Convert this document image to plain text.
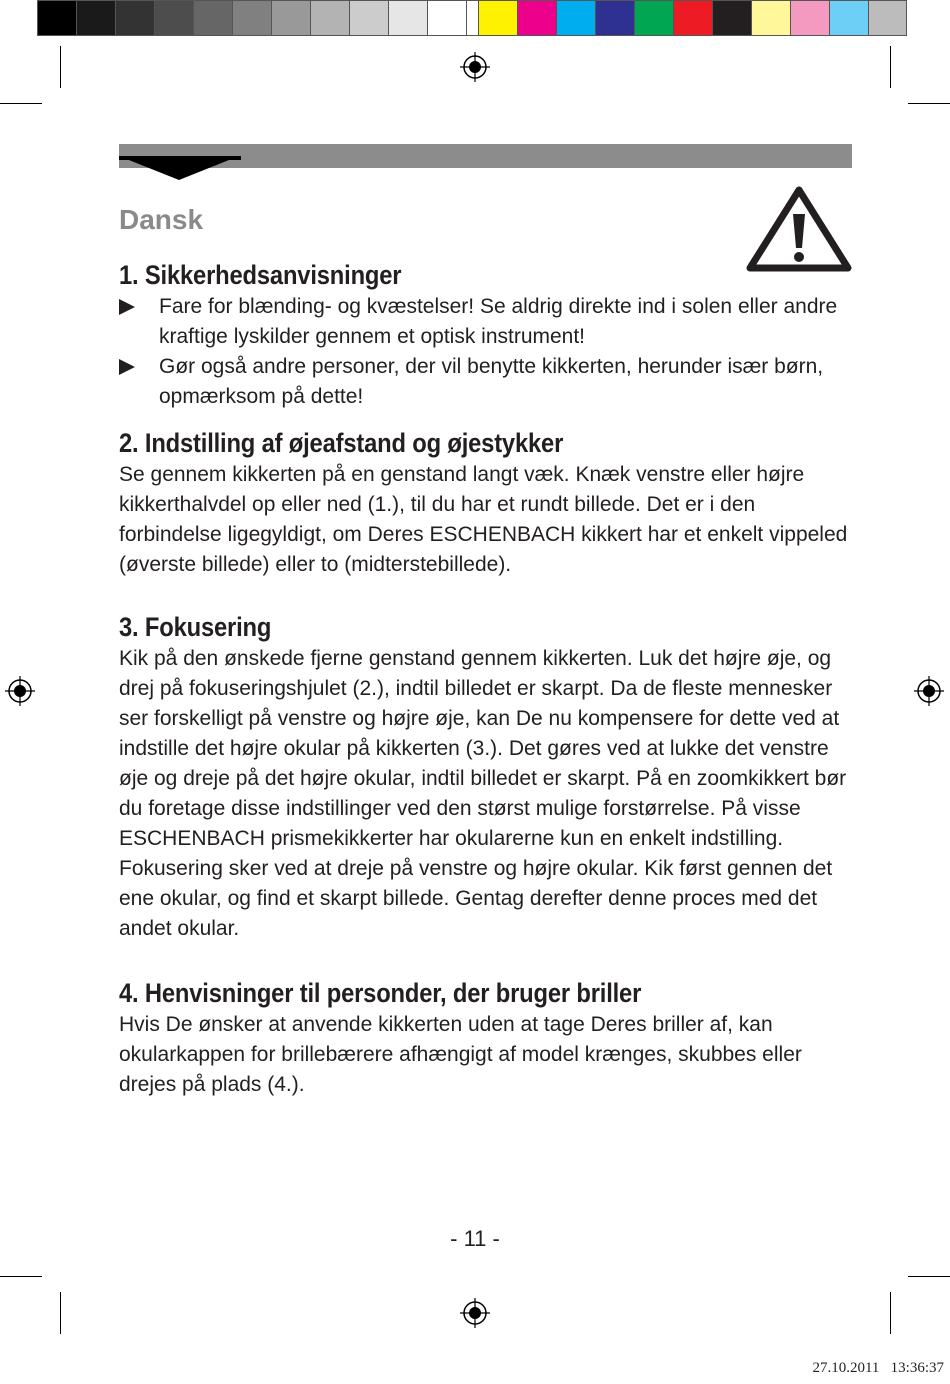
Dansk
1. Sikkerhedsanvisninger
Fare for blænding- og kvæstelser! Se aldrig direkte ind i solen eller andre kraftige lyskilder gennem et optisk instrument!
Gør også andre personer, der vil benytte kikkerten, herunder især børn, opmærksom på dette!
2. Indstilling af øjeafstand og øjestykker

Se gennem kikkerten på en genstand langt væk. Knæk venstre eller højre kikkerthalvdel op eller ned (1.), til du har et rundt billede. Det er i den forbindelse ligegyldigt, om Deres ESCHENBACH kikkert har et enkelt vippeled (øverste billede) eller to (midterstebillede).

3. Fokusering

Kik på den ønskede fjerne genstand gennem kikkerten. Luk det højre øje, og drej på fokuseringshjulet (2.), indtil billedet er skarpt. Da de fleste mennesker ser forskelligt på venstre og højre øje, kan De nu kompensere for dette ved at indstille det højre okular på kikkerten (3.). Det gøres ved at lukke det venstre øje og dreje på det højre okular, indtil billedet er skarpt. På en zoomkikkert bør du foretage disse indstillinger ved den størst mulige forstørrelse. På visse ESCHENBACH prismekikkerter har okularerne kun en enkelt indstilling. Fokusering sker ved at dreje på venstre og højre okular. Kik først gennen det ene okular, og find et skarpt billede. Gentag derefter denne proces med det andet okular.

4. Henvisninger til personder, der bruger briller

Hvis De ønsker at anvende kikkerten uden at tage Deres briller af, kan okularkappen for brillebærere afhængigt af model krænges, skubbes eller drejes på plads (4.).

- 11 -
27.10.2011   13:36:37
